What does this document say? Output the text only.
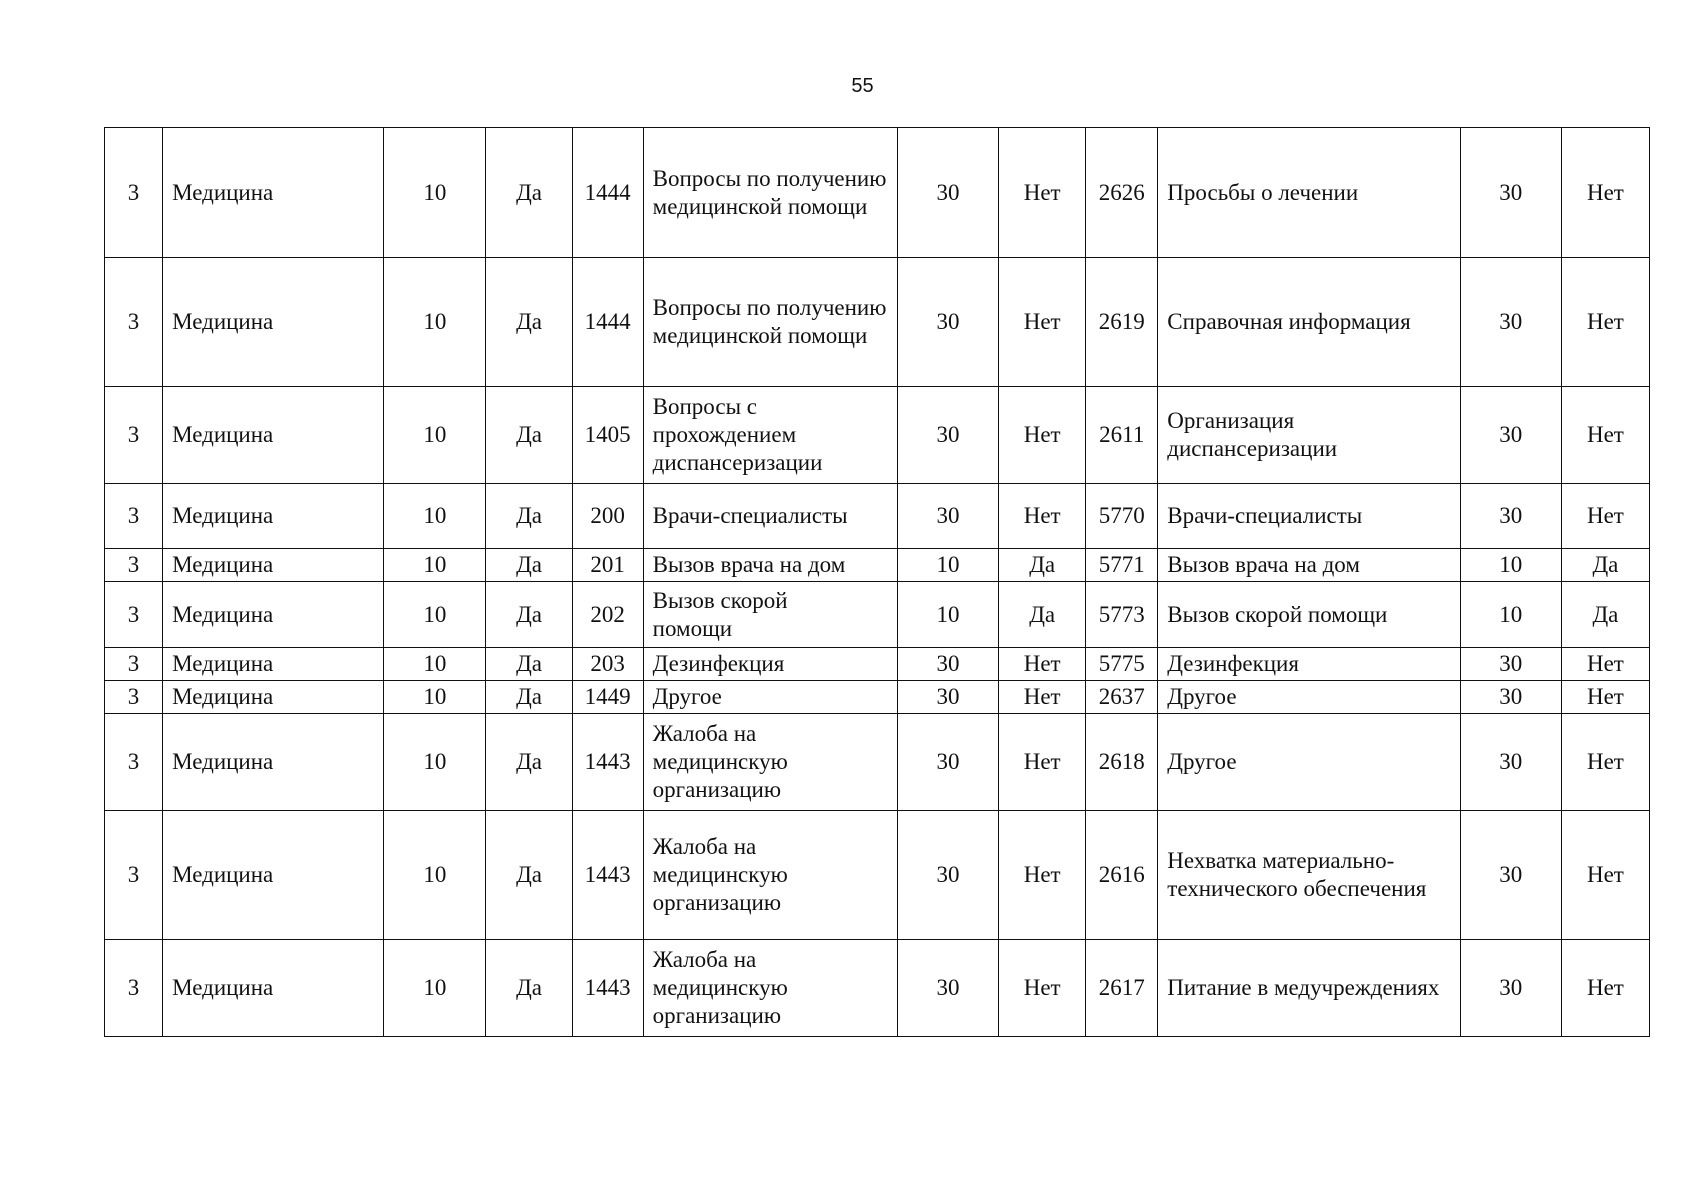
55
3	Медицина	10	Да	1444	Вопросы по получению медицинской помощи	30	Нет	2626	Просьбы о лечении	30	Нет
3	Медицина	10	Да	1444	Вопросы по получению медицинской помощи	30	Нет	2619	Справочная информация	30	Нет
3	Медицина	10	Да	1405	Вопросы с прохождением диспансеризации	30	Нет	2611	Организация диспансеризации	30	Нет
3	Медицина	10	Да	200	Врачи-специалисты	30	Нет	5770	Врачи-специалисты	30	Нет
3	Медицина	10	Да	201	Вызов врача на дом	10	Да	5771	Вызов врача на дом	10	Да
3	Медицина	10	Да	202	Вызов скорой помощи	10	Да	5773	Вызов скорой помощи	10	Да
3	Медицина	10	Да	203	Дезинфекция	30	Нет	5775	Дезинфекция	30	Нет
3	Медицина	10	Да	1449	Другое	30	Нет	2637	Другое	30	Нет
3	Медицина	10	Да	1443	Жалоба на медицинскую организацию	30	Нет	2618	Другое	30	Нет
3	Медицина	10	Да	1443	Жалоба на медицинскую организацию	30	Нет	2616	Нехватка материально-технического обеспечения	30	Нет
3	Медицина	10	Да	1443	Жалоба на медицинскую организацию	30	Нет	2617	Питание в медучреждениях	30	Нет
